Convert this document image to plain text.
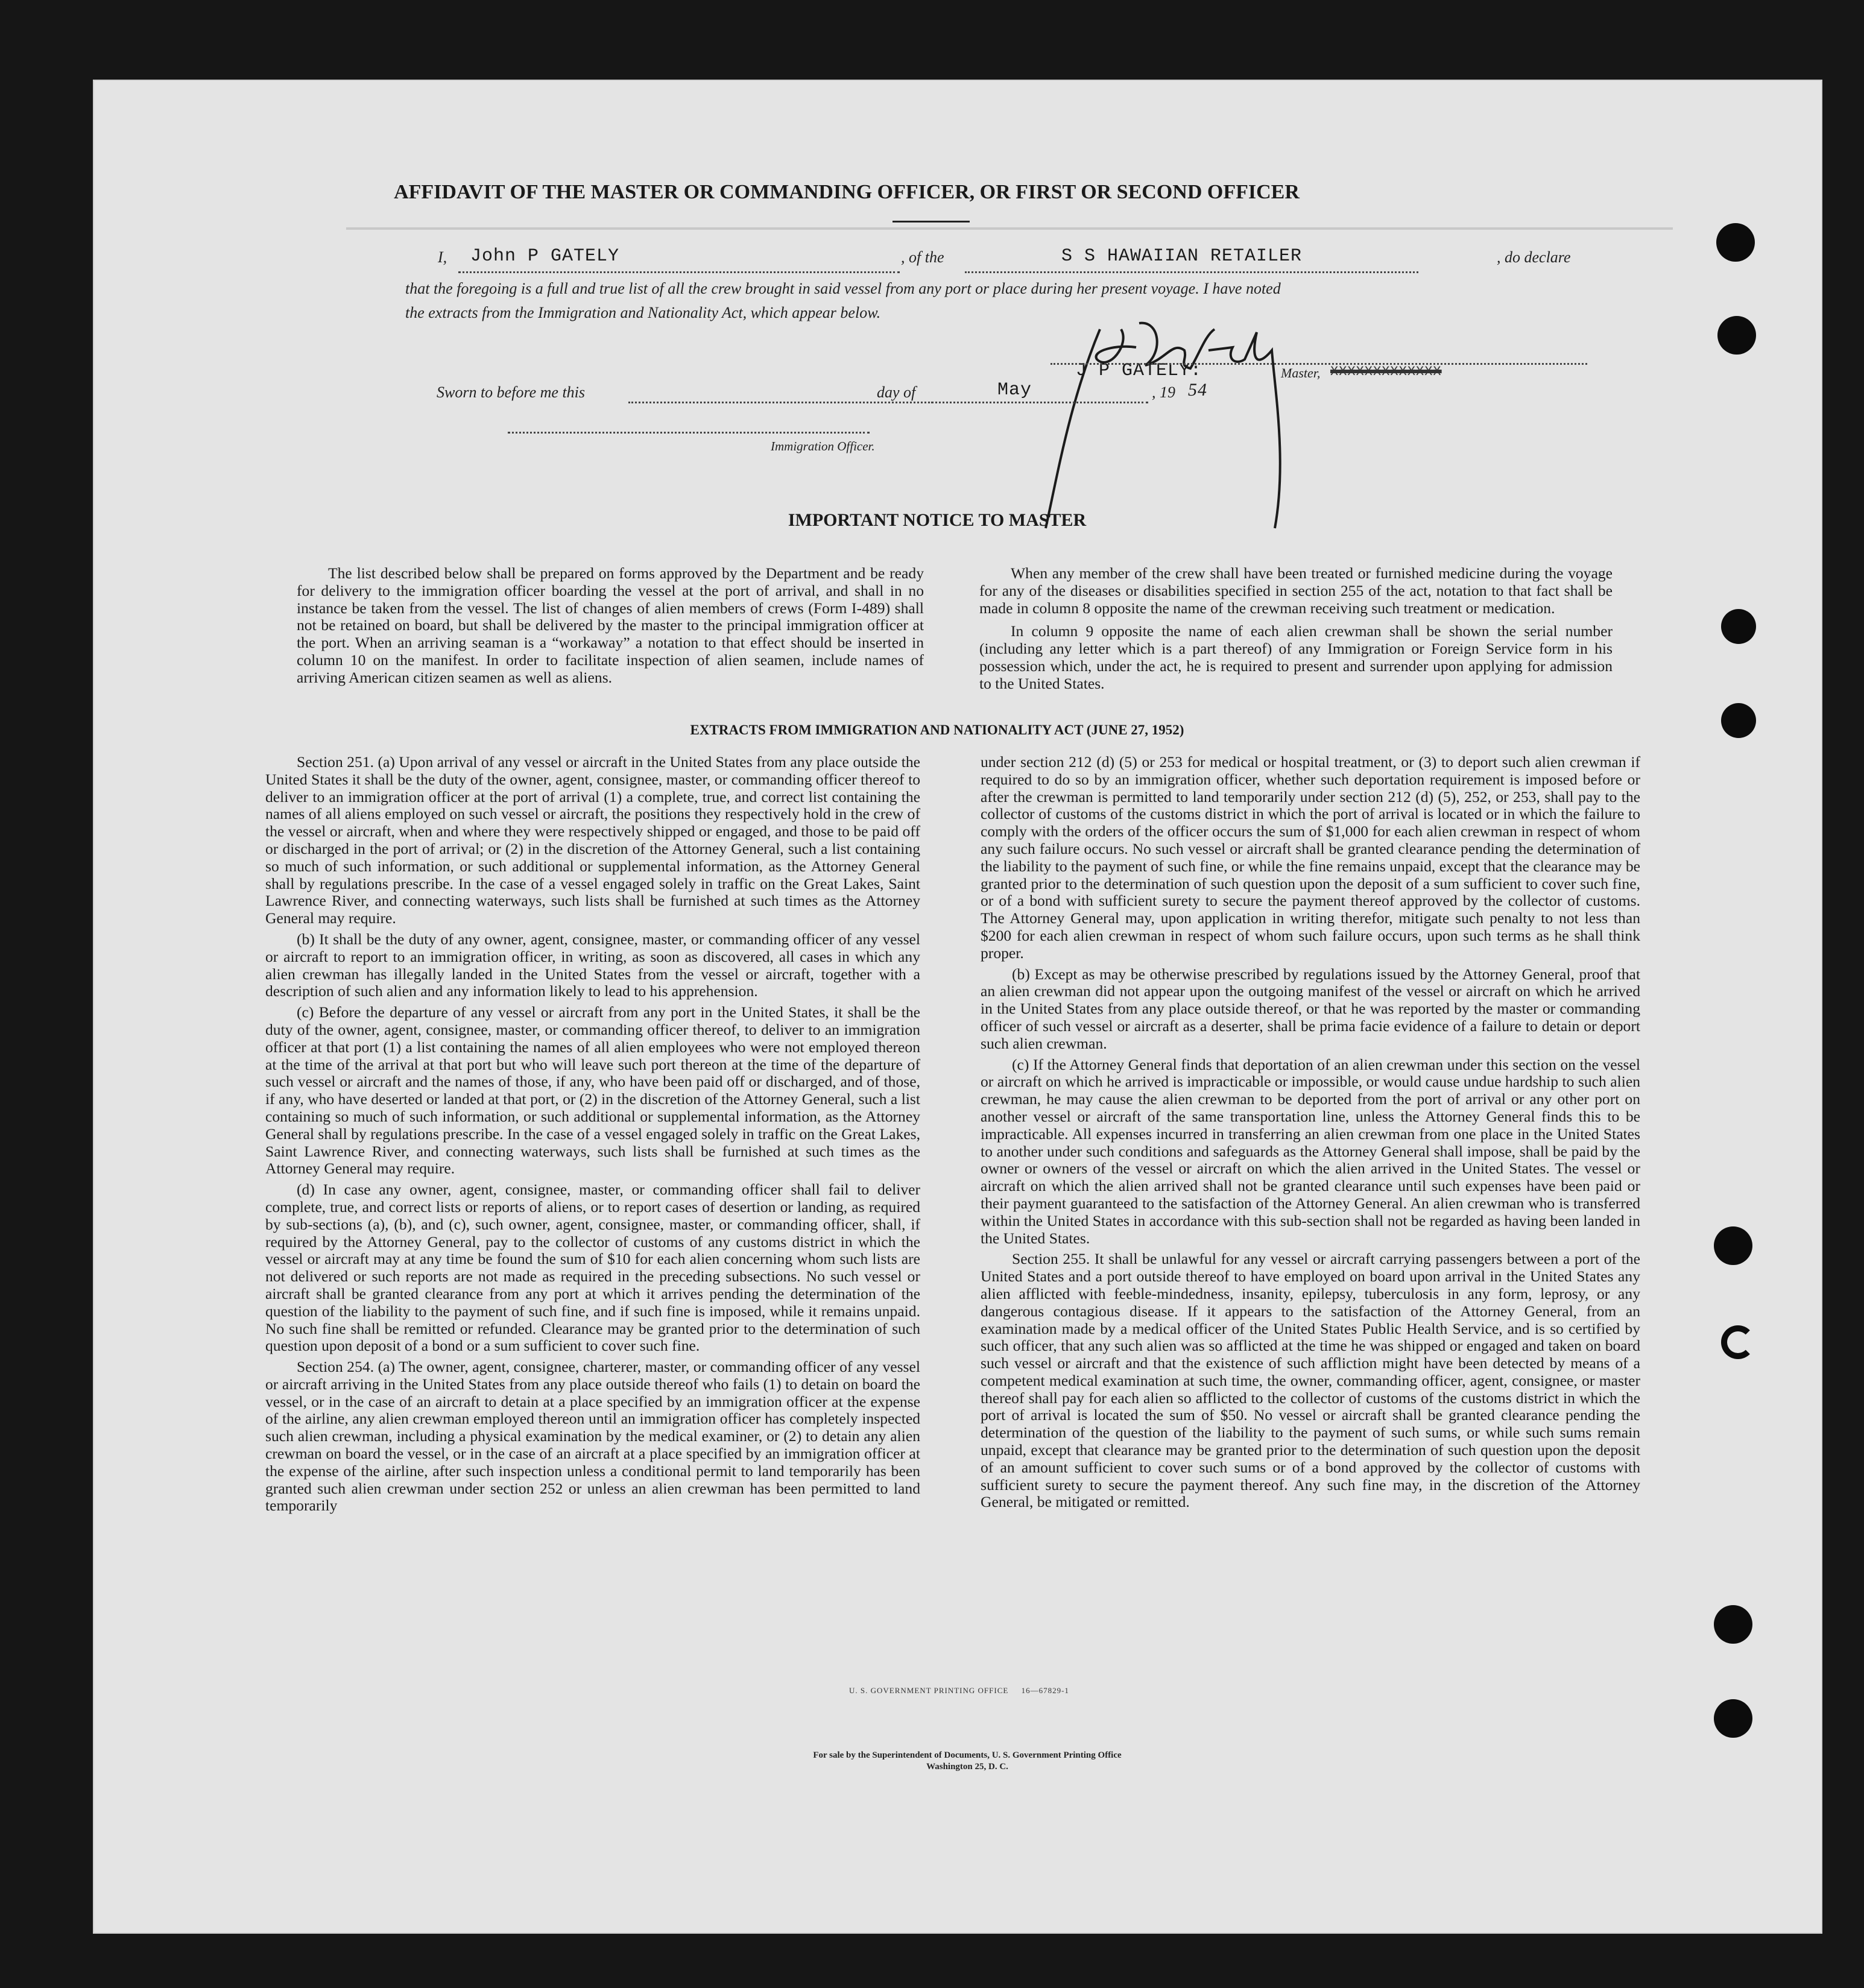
AFFIDAVIT OF THE MASTER OR COMMANDING OFFICER, OR FIRST OR SECOND OFFICER
I, John P GATELY	, of the	S S HAWAIIAN RETAILER	, do declare
that the foregoing is a full and true list of all the crew brought in said vessel from any port or place during her present voyage. I have noted
the extracts from the Immigration and Nationality Act, which appear below.
J P GATELY:	Master, XXXXXXXXXXXXX
Sworn to before me this	day of	May	, 19 54
Immigration Officer.
IMPORTANT NOTICE TO MASTER

The list described below shall be prepared on forms approved by the Department and be ready for delivery to the immigration officer boarding the vessel at the port of arrival, and shall in no instance be taken from the vessel. The list of changes of alien members of crews (Form I-489) shall not be retained on board, but shall be delivered by the master to the principal immigration officer at the port. When an arriving seaman is a “workaway” a notation to that effect should be inserted in column 10 on the manifest. In order to facilitate inspection of alien seamen, include names of arriving American citizen seamen as well as aliens.

When any member of the crew shall have been treated or furnished medicine during the voyage for any of the diseases or disabilities specified in section 255 of the act, notation to that fact shall be made in column 8 opposite the name of the crewman receiving such treatment or medication.

In column 9 opposite the name of each alien crewman shall be shown the serial number (including any letter which is a part thereof) of any Immigration or Foreign Service form in his possession which, under the act, he is required to present and surrender upon applying for admission to the United States.

EXTRACTS FROM IMMIGRATION AND NATIONALITY ACT (JUNE 27, 1952)

Section 251. (a) Upon arrival of any vessel or aircraft in the United States from any place outside the United States it shall be the duty of the owner, agent, consignee, master, or commanding officer thereof to deliver to an immigration officer at the port of arrival (1) a complete, true, and correct list containing the names of all aliens employed on such vessel or aircraft, the positions they respectively hold in the crew of the vessel or aircraft, when and where they were respectively shipped or engaged, and those to be paid off or discharged in the port of arrival; or (2) in the discretion of the Attorney General, such a list containing so much of such information, or such additional or supplemental information, as the Attorney General shall by regulations prescribe. In the case of a vessel engaged solely in traffic on the Great Lakes, Saint Lawrence River, and connecting waterways, such lists shall be furnished at such times as the Attorney General may require.

(b) It shall be the duty of any owner, agent, consignee, master, or commanding officer of any vessel or aircraft to report to an immigration officer, in writing, as soon as discovered, all cases in which any alien crewman has illegally landed in the United States from the vessel or aircraft, together with a description of such alien and any information likely to lead to his apprehension.

(c) Before the departure of any vessel or aircraft from any port in the United States, it shall be the duty of the owner, agent, consignee, master, or commanding officer thereof, to deliver to an immigration officer at that port (1) a list containing the names of all alien employees who were not employed thereon at the time of the arrival at that port but who will leave such port thereon at the time of the departure of such vessel or aircraft and the names of those, if any, who have been paid off or discharged, and of those, if any, who have deserted or landed at that port, or (2) in the discretion of the Attorney General, such a list containing so much of such information, or such additional or supplemental information, as the Attorney General shall by regulations prescribe. In the case of a vessel engaged solely in traffic on the Great Lakes, Saint Lawrence River, and connecting waterways, such lists shall be furnished at such times as the Attorney General may require.

(d) In case any owner, agent, consignee, master, or commanding officer shall fail to deliver complete, true, and correct lists or reports of aliens, or to report cases of desertion or landing, as required by sub-sections (a), (b), and (c), such owner, agent, consignee, master, or commanding officer, shall, if required by the Attorney General, pay to the collector of customs of any customs district in which the vessel or aircraft may at any time be found the sum of $10 for each alien concerning whom such lists are not delivered or such reports are not made as required in the preceding subsections. No such vessel or aircraft shall be granted clearance from any port at which it arrives pending the determination of the question of the liability to the payment of such fine, and if such fine is imposed, while it remains unpaid. No such fine shall be remitted or refunded. Clearance may be granted prior to the determination of such question upon deposit of a bond or a sum sufficient to cover such fine.

Section 254. (a) The owner, agent, consignee, charterer, master, or commanding officer of any vessel or aircraft arriving in the United States from any place outside thereof who fails (1) to detain on board the vessel, or in the case of an aircraft to detain at a place specified by an immigration officer at the expense of the airline, any alien crewman employed thereon until an immigration officer has completely inspected such alien crewman, including a physical examination by the medical examiner, or (2) to detain any alien crewman on board the vessel, or in the case of an aircraft at a place specified by an immigration officer at the expense of the airline, after such inspection unless a conditional permit to land temporarily has been granted such alien crewman under section 252 or unless an alien crewman has been permitted to land temporarily

under section 212 (d) (5) or 253 for medical or hospital treatment, or (3) to deport such alien crewman if required to do so by an immigration officer, whether such deportation requirement is imposed before or after the crewman is permitted to land temporarily under section 212 (d) (5), 252, or 253, shall pay to the collector of customs of the customs district in which the port of arrival is located or in which the failure to comply with the orders of the officer occurs the sum of $1,000 for each alien crewman in respect of whom any such failure occurs. No such vessel or aircraft shall be granted clearance pending the determination of the liability to the payment of such fine, or while the fine remains unpaid, except that the clearance may be granted prior to the determination of such question upon the deposit of a sum sufficient to cover such fine, or of a bond with sufficient surety to secure the payment thereof approved by the collector of customs. The Attorney General may, upon application in writing therefor, mitigate such penalty to not less than $200 for each alien crewman in respect of whom such failure occurs, upon such terms as he shall think proper.

(b) Except as may be otherwise prescribed by regulations issued by the Attorney General, proof that an alien crewman did not appear upon the outgoing manifest of the vessel or aircraft on which he arrived in the United States from any place outside thereof, or that he was reported by the master or commanding officer of such vessel or aircraft as a deserter, shall be prima facie evidence of a failure to detain or deport such alien crewman.

(c) If the Attorney General finds that deportation of an alien crewman under this section on the vessel or aircraft on which he arrived is impracticable or impossible, or would cause undue hardship to such alien crewman, he may cause the alien crewman to be deported from the port of arrival or any other port on another vessel or aircraft of the same transportation line, unless the Attorney General finds this to be impracticable. All expenses incurred in transferring an alien crewman from one place in the United States to another under such conditions and safeguards as the Attorney General shall impose, shall be paid by the owner or owners of the vessel or aircraft on which the alien arrived in the United States. The vessel or aircraft on which the alien arrived shall not be granted clearance until such expenses have been paid or their payment guaranteed to the satisfaction of the Attorney General. An alien crewman who is transferred within the United States in accordance with this sub-section shall not be regarded as having been landed in the United States.

Section 255. It shall be unlawful for any vessel or aircraft carrying passengers between a port of the United States and a port outside thereof to have employed on board upon arrival in the United States any alien afflicted with feeble-mindedness, insanity, epilepsy, tuberculosis in any form, leprosy, or any dangerous contagious disease. If it appears to the satisfaction of the Attorney General, from an examination made by a medical officer of the United States Public Health Service, and is so certified by such officer, that any such alien was so afflicted at the time he was shipped or engaged and taken on board such vessel or aircraft and that the existence of such affliction might have been detected by means of a competent medical examination at such time, the owner, commanding officer, agent, consignee, or master thereof shall pay for each alien so afflicted to the collector of customs of the customs district in which the port of arrival is located the sum of $50. No vessel or aircraft shall be granted clearance pending the determination of the question of the liability to the payment of such sums, or while such sums remain unpaid, except that clearance may be granted prior to the determination of such question upon the deposit of an amount sufficient to cover such sums or of a bond approved by the collector of customs with sufficient surety to secure the payment thereof. Any such fine may, in the discretion of the Attorney General, be mitigated or remitted.

U. S. GOVERNMENT PRINTING OFFICE     16—67829-1
For sale by the Superintendent of Documents, U. S. Government Printing Office
Washington 25, D. C.
